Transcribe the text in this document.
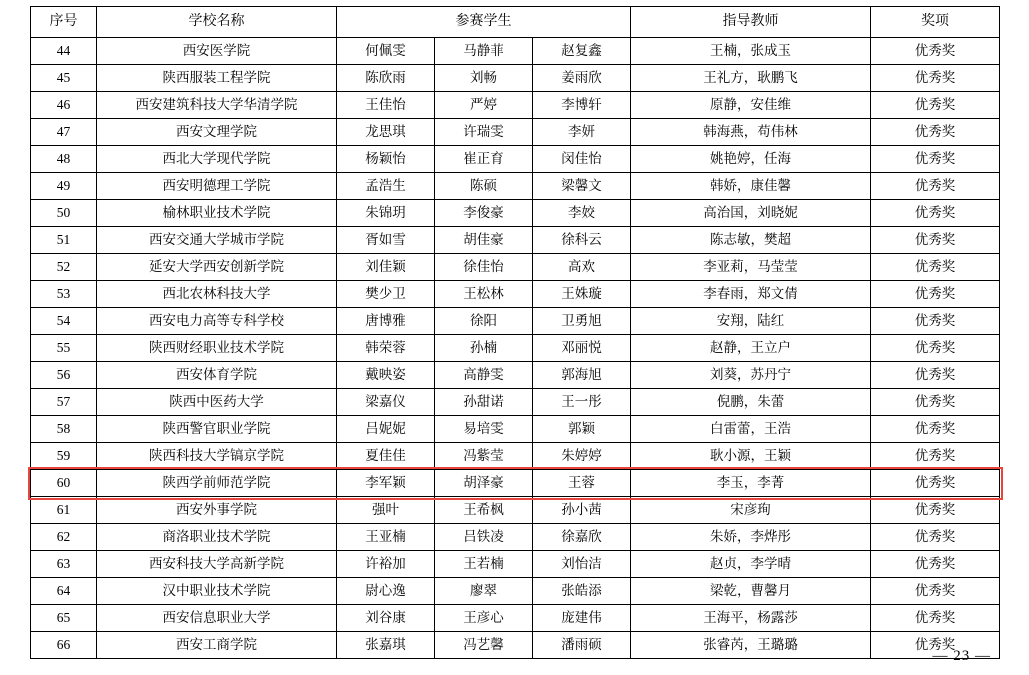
序号	学校名称	参赛学生			指导教师	奖项
44	西安医学院	何佩雯	马静菲	赵复鑫	王楠，张成玉	优秀奖
45	陕西服装工程学院	陈欣雨	刘畅	姜雨欣	王礼方，耿鹏飞	优秀奖
46	西安建筑科技大学华清学院	王佳怡	严婷	李博轩	原静，安佳维	优秀奖
47	西安文理学院	龙思琪	许瑞雯	李妍	韩海燕，苟伟林	优秀奖
48	西北大学现代学院	杨颖怡	崔正育	闵佳怡	姚艳婷，任海	优秀奖
49	西安明德理工学院	孟浩生	陈硕	梁馨文	韩娇，康佳馨	优秀奖
50	榆林职业技术学院	朱锦玥	李俊豪	李姣	高治国，刘晓妮	优秀奖
51	西安交通大学城市学院	胥如雪	胡佳豪	徐科云	陈志敏，樊超	优秀奖
52	延安大学西安创新学院	刘佳颖	徐佳怡	高欢	李亚莉，马莹莹	优秀奖
53	西北农林科技大学	樊少卫	王松林	王姝璇	李春雨，郑文倩	优秀奖
54	西安电力高等专科学校	唐博雅	徐阳	卫勇旭	安翔，陆红	优秀奖
55	陕西财经职业技术学院	韩荣蓉	孙楠	邓丽悦	赵静，王立户	优秀奖
56	西安体育学院	戴映姿	高静雯	郭海旭	刘葵，苏丹宁	优秀奖
57	陕西中医药大学	梁嘉仪	孙甜诺	王一彤	倪鹏，朱蕾	优秀奖
58	陕西警官职业学院	吕妮妮	易培雯	郭颖	白雷蕾，王浩	优秀奖
59	陕西科技大学镐京学院	夏佳佳	冯紫莹	朱婷婷	耿小源，王颖	优秀奖
60	陕西学前师范学院	李军颖	胡泽豪	王蓉	李玉，李菁	优秀奖
61	西安外事学院	强叶	王希枫	孙小茜	宋彦珣	优秀奖
62	商洛职业技术学院	王亚楠	吕铁凌	徐嘉欣	朱娇，李烨彤	优秀奖
63	西安科技大学高新学院	许裕加	王若楠	刘怡洁	赵贞，李学晴	优秀奖
64	汉中职业技术学院	尉心逸	廖翠	张皓添	梁乾，曹馨月	优秀奖
65	西安信息职业大学	刘谷康	王彦心	庞建伟	王海平，杨露莎	优秀奖
66	西安工商学院	张嘉琪	冯艺馨	潘雨硕	张睿芮，王璐璐	优秀奖
— 23 —
